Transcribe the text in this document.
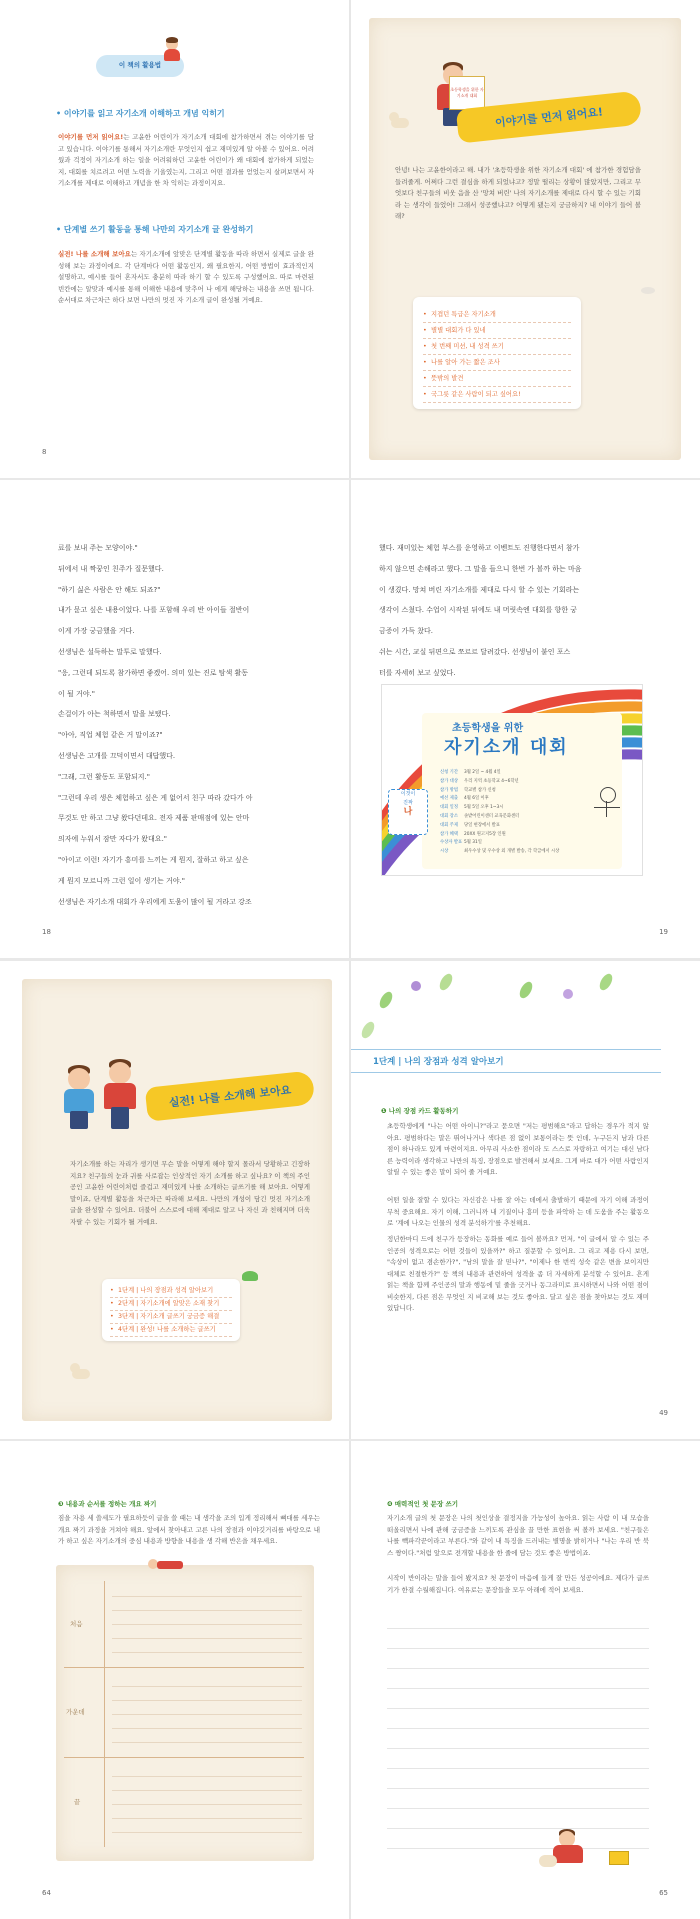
이 책의 활용법
• 이야기를 읽고 자기소개 이해하고 개념 익히기

이야기를 먼저 읽어요!는 고윤한 어린이가 자기소개 대회에 참가하면서 겪는 이야기를 담고 있습니다. 이야기를 통해서 자기소개란 무엇인지 쉽고 재미있게 알 아볼 수 있어요. 어려웠과 걱정이 자기소개 하는 일을 어려워하던 고윤한 어린이가 왜 대회에 참가하게 되었는지, 대회를 치르려고 어떤 노력을 기울였는지, 그리고 어떤 결과를 얻었는지 살펴보면서 자기소개를 제대로 이해하고 개념을 한 차 익히는 과정이지요.

• 단계별 쓰기 활동을 통해 나만의 자기소개 글 완성하기

실전! 나를 소개해 보아요는 자기소개에 앞맞은 단계별 활동을 따라 하면서 실제로 글을 완성해 보는 과정이에요. 각 단계마다 어떤 활동인지, 왜 필요한지, 어떤 방법이 효과적인지 설명하고, 예시를 들어 혼자서도 충분히 따라 하기 할 수 있도록 구성했어요. 따로 마련된 빈칸에는 알맞과 예시를 통해 이해한 내용에 맞추어 나 에게 해당하는 내용을 쓰면 됩니다. 순서대로 차근차근 하다 보면 나만의 멋진 자 기소개 글이 완성될 거예요.

8
초등학생을 위한 자기소개 대회
이야기를 먼저 읽어요!

안녕! 나는 고윤한이라고 해. 내가 '초등학생을 위한 자기소개 대회' 에 참가한 경험담을 들려줄게. 어쩌다 그런 결심을 하게 되었냐고? 정말 떨리는 상황이 많았지만, 그리고 무엇보다 친구들의 비웃 음을 산 '망쳐 버린' 나의 자기소개를 제대로 다시 할 수 있는 기회라 는 생각이 들었어! 그래서 성공했냐고? 어떻게 됐는지 궁금하지? 내 이야기 들어 볼래?

• 지겹던 특급은 자기소개
• 별별 대회가 다 있네
• 첫 번째 미션, 내 성격 쓰기
• 나를 알아 가는 짧은 조사
• 뜻밖의 발견
• 국그릇 같은 사람이 되고 싶어요!
료를 보내 주는 모양이야."
뒤에서 내 짝꿍인 친주가 질문했다.
"하기 싫은 사람은 안 해도 되죠?"
내가 묻고 싶은 내용이었다. 나를 포함해 우리 반 아이들 절반이
이게 가장 궁금했을 거다.
선생님은 설득하는 말투로 말했다.
"응, 그런데 되도록 참가하면 좋겠어. 의미 있는 진로 탐색 활동
이 될 거야."
손걸이가 아는 척하면서 말을 보탰다.
"아아, 직업 체험 같은 거 말이죠?"
선생님은 고개를 끄덕이면서 대답했다.
"그래, 그런 활동도 포함되지."
"그런데 우리 생은 체험하고 싶은 게 없어서 친구 따라 갔다가 아
무것도 안 하고 그냥 왔다던데요. 전자 제품 판매점에 있는 안마
의자에 누워서 잠만 자다가 왔대요."
"아이고 이런! 자기가 흥미를 느끼는 게 뭔지, 잘하고 하고 싶은
게 뭔지 모르니까 그런 일이 생기는 거야."
선생님은 자기소개 대회가 우리에게 도움이 많이 될 거라고 강조
18
했다. 재미있는 체험 부스를 운영하고 이벤트도 진행한다면서 참가
하지 않으면 손해라고 했다. 그 말을 들으니 한번 가 볼까 하는 마음
이 생겼다. 망쳐 버린 자기소개를 제대로 다시 할 수 있는 기회라는
생각이 스쳤다. 수업이 시작된 뒤에도 내 머릿속엔 대회를 향한 궁
금증이 가득 찼다.
쉬는 시간, 교실 뒤편으로 쪼르르 달려갔다. 선생님이 붙인 포스
터를 자세히 보고 싶었다.
초등학생을 위한
자기소개 대회
이것이
진짜
나
신청 기간 3월 2일 ~ 4월 4일
참가 대상 우리 지역 초등학교 4~6학년
참가 방법 학교별 참가 신청
예선 제출 4월 6일 이후
대회 일정 5월 5일 오후 1~3시
대회 장소 솔밭어린이센터 교육문화센터
대회 주제 당일 현장에서 발표
참가 혜택 20XX 원고지5장 인원
수상자 발표 5월 31일
시상	최우수상 및 우수상 외 개별 발송, 각 학급에서 시상
19
실전! 나를 소개해 보아요

자기소개를 하는 자리가 생기면 무슨 말을 어떻게 해야 할지 몰라서 당황하고 긴장하지요? 친구들의 눈과 귀를 사로잡는 인상적인 자기 소개를 하고 싶나요? 이 책의 주인공인 고윤한 어린이처럼 즐겁고 재미있게 나를 소개하는 글쓰기를 해 보아요. 어떻게 말이죠, 단계별 활동을 차근차근 따라해 보세요. 나만의 개성이 담긴 멋진 자기소개 글을 완성할 수 있어요. 더불어 스스로에 대해 제대로 알고 나 자신 과 친해지며 더욱 자랄 수 있는 기회가 될 거예요.

• 1단계 | 나의 장점과 성격 알아보기
• 2단계 | 자기소개에 알맞은 소재 찾기
• 3단계 | 자기소개 글쓰기 궁금증 해결
• 4단계 | 완성! 나를 소개하는 글쓰기
1단계 | 나의 장점과 성격 알아보기
❶ 나의 장점 카드 활동하기

초등학생에게 "나는 어떤 아이니?"라고 묻으면 "저는 평범해요"라고 답하는 경우가 적지 않아요. 평범하다는 말은 뛰어나거나 색다른 점 없이 보통이라는 뜻 인데, 누구든지 남과 다른 점이 하나라도 있게 마련이지요. 아무리 사소한 점이라 도 스스로 자랑하고 여기는 대신 남다른 능력이라 생각하고 나만의 특징, 장점으로 발견해서 보세요. 그게 바로 대가 어떤 사람인지 알릴 수 있는 좋은 말이 되어 줄 거예요.

어떤 일을 잘할 수 있다는 자신감은 나를 잘 아는 데에서 출발하기 때문에 자기 이해 과정이 무척 중요해요. 자기 이해, 그러니까 내 기질이나 흥미 등을 파악하 는 데 도움을 주는 활동으로 '계에 나오는 인물의 성격 분석하기'를 추천해요.

정년한마디 드에 친구가 등장하는 동화를 예로 들어 볼까요? 먼저, "이 글에서 알 수 있는 주인공의 성격으로는 어떤 것들이 있을까?" 하고 질문할 수 있어요. 그 리고 제용 다시 보면, "속상이 없고 겸손한가?", "남의 말을 잘 믿나?", "이제나 한 번씩 성숙 같은 변을 보이지만 대체로 친절한가?" 등 책의 내용과 관련하여 성격을 좀 더 자세하게 분석할 수 있어요. 흔게 읽는 책을 함께 주인공의 말과 행동에 밑 줄을 긋거나 동그라미로 표시하면서 나와 어떤 점이 비슷한지, 다른 점은 무엇인 지 비교해 보는 것도 좋아요. 달고 싶은 점을 찾아보는 것도 재미있답니다.

49
❸ 내용과 순서를 정하는 개요 짜기

짐을 자용 세 쓸세도가 필요하듯이 글을 쓸 때는 내 생각을 조의 입게 정리해서 뼈대를 세우는 개요 짜기 과정을 거쳐야 해요. 앞에서 찾아내고 고른 나의 장점과 이야깃거리를 바탕으로 내가 하고 싶은 자기소개의 중심 내용과 방향을 내용을 생 각해 반은을 채우세요.

처음
가운데
끝
64
❹ 매력적인 첫 문장 쓰기

자기소개 글의 첫 문장은 나의 첫인상을 결정지을 가능성이 높아요. 읽는 사람 이 내 모습을 떠올리면서 나에 관해 궁금증을 느끼도록 관심을 끌 만한 표현을 써 볼까 보세요. "친구들은 나를 빽파각꾼이라고 부른다."와 같이 내 특징을 드러내는 별명을 밝히거나 "나는 우리 반 북스 짱이다."처럼 앞으로 전개할 내용을 한 줄에 담는 것도 좋은 방법이죠.

시작이 반이라는 말을 들어 봤지요? 첫 문장이 마음에 들게 잘 만든 성공이에요. 제다가 글쓰기가 한결 수월해집니다. 여유로는 문장들을 모두 아래에 적어 보세요.

65
